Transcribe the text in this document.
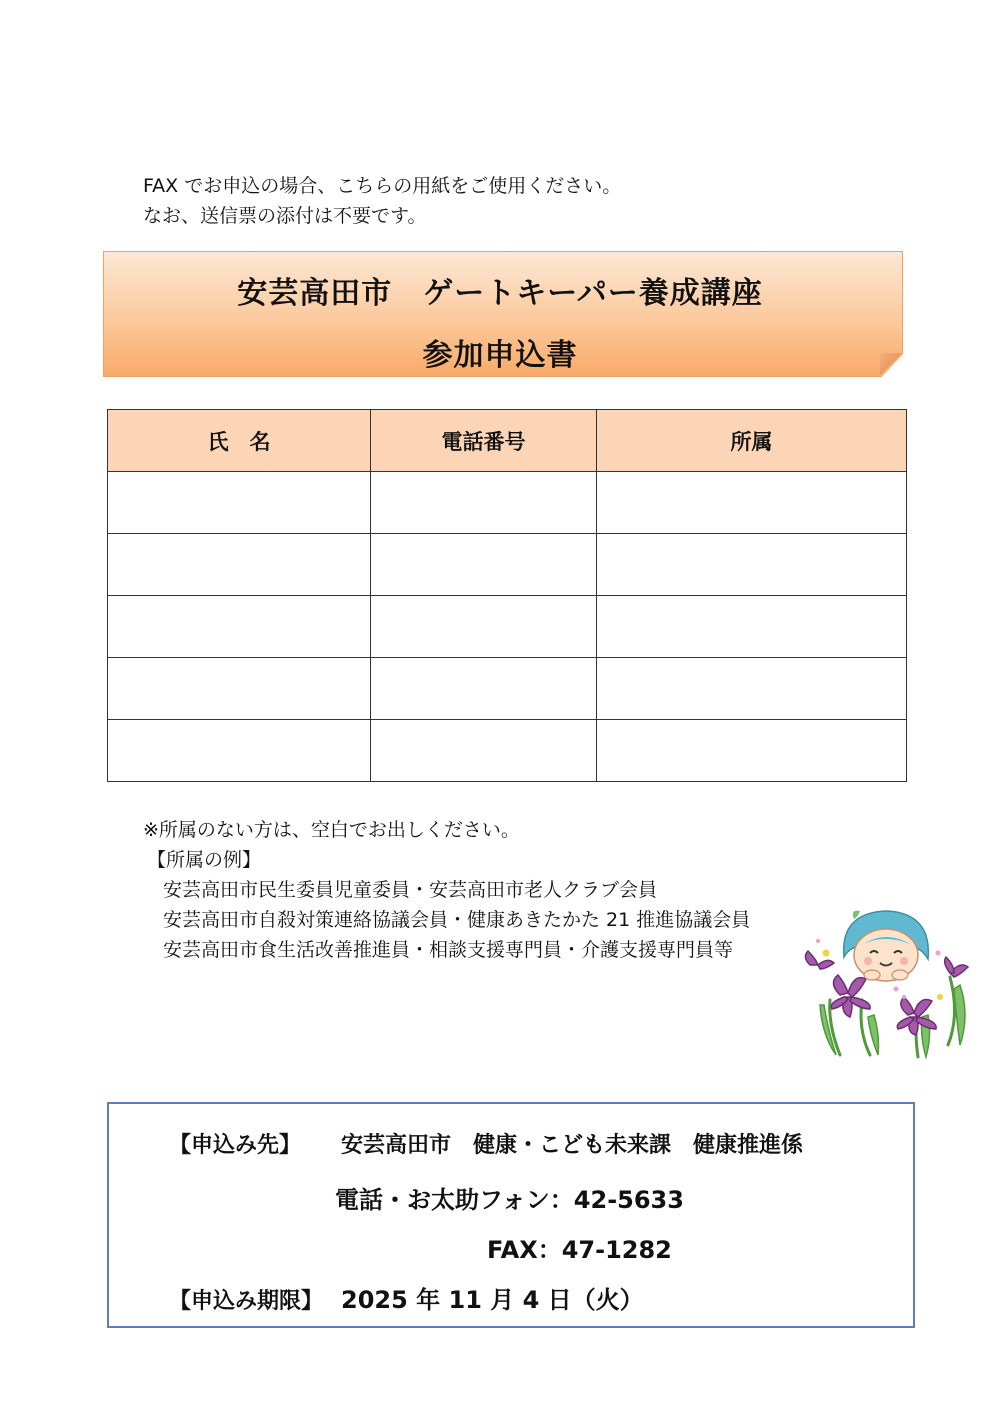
FAX でお申込の場合、こちらの用紙をご使用ください。
なお、送信票の添付は不要です。
安芸高田市　ゲートキーパー養成講座
参加申込書
氏　名	電話番号	所属

※所属のない方は、空白でお出しください。
【所属の例】
安芸高田市民生委員児童委員・安芸高田市老人クラブ会員
安芸高田市自殺対策連絡協議会員・健康あきたかた 21 推進協議会員
安芸高田市食生活改善推進員・相談支援専門員・介護支援専門員等
【申込み先】 安芸高田市　健康・こども未来課　健康推進係
電話・お太助フォン：42-5633
FAX：47-1282
【申込み期限】 2025 年 11 月 4 日（火）
